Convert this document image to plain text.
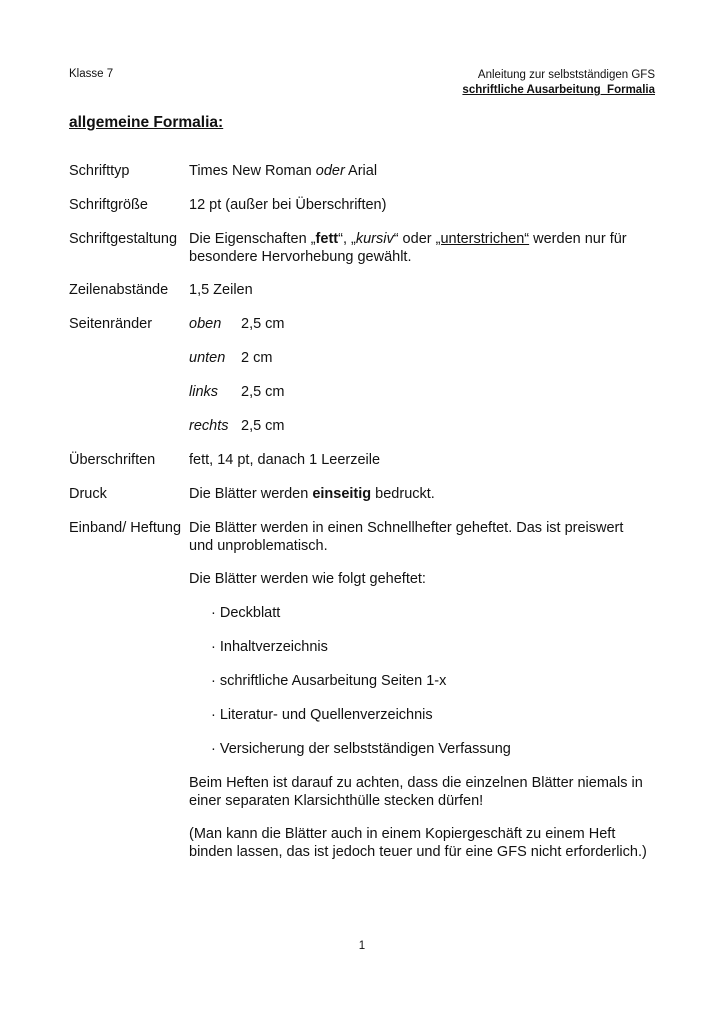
Klasse 7	Anleitung zur selbstständigen GFS
schriftliche Ausarbeitung_Formalia
allgemeine Formalia:
Schrifttyp	Times New Roman oder Arial
Schriftgröße	12 pt (außer bei Überschriften)
Schriftgestaltung Die Eigenschaften „fett“, „kursiv“ oder „unterstrichen“ werden nur für
besondere Hervorhebung gewählt.
Zeilenabstände 1,5 Zeilen
Seitenränder	oben 2,5 cm
unten 2 cm
links 2,5 cm
rechts 2,5 cm
Überschriften fett, 14 pt, danach 1 Leerzeile
Druck	Die Blätter werden einseitig bedruckt.
Einband/ Heftung Die Blätter werden in einen Schnellhefter geheftet. Das ist preiswert
und unproblematisch.
Die Blätter werden wie folgt geheftet:
· Deckblatt
· Inhaltverzeichnis
· schriftliche Ausarbeitung Seiten 1-x
· Literatur- und Quellenverzeichnis
· Versicherung der selbstständigen Verfassung
Beim Heften ist darauf zu achten, dass die einzelnen Blätter niemals in
einer separaten Klarsichthülle stecken dürfen!
(Man kann die Blätter auch in einem Kopiergeschäft zu einem Heft
binden lassen, das ist jedoch teuer und für eine GFS nicht erforderlich.)
1
